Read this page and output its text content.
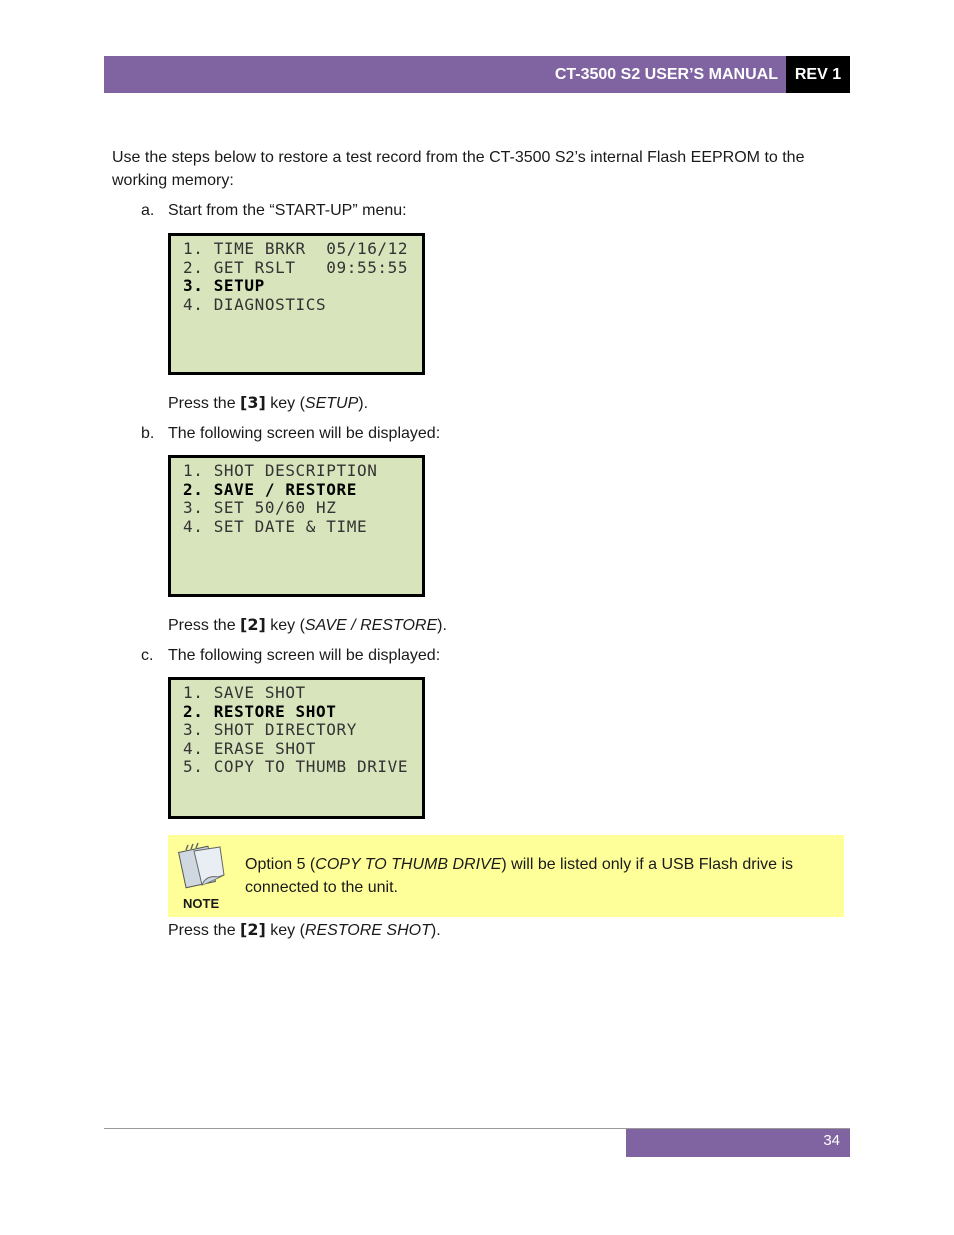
CT-3500 S2 USER’S MANUAL	REV 1
Use the steps below to restore a test record from the CT-3500 S2’s internal Flash EEPROM to the working memory:
a. Start from the “START-UP” menu:
1. TIME BRKR  05/16/12
2. GET RSLT   09:55:55
3. SETUP
4. DIAGNOSTICS
Press the [3] key (SETUP).
b. The following screen will be displayed:
1. SHOT DESCRIPTION
2. SAVE / RESTORE
3. SET 50/60 HZ
4. SET DATE & TIME
Press the [2] key (SAVE / RESTORE).
c. The following screen will be displayed:
1. SAVE SHOT
2. RESTORE SHOT
3. SHOT DIRECTORY
4. ERASE SHOT
5. COPY TO THUMB DRIVE
NOTE
Option 5 (COPY TO THUMB DRIVE) will be listed only if a USB Flash drive is connected to the unit.
Press the [2] key (RESTORE SHOT).
34
